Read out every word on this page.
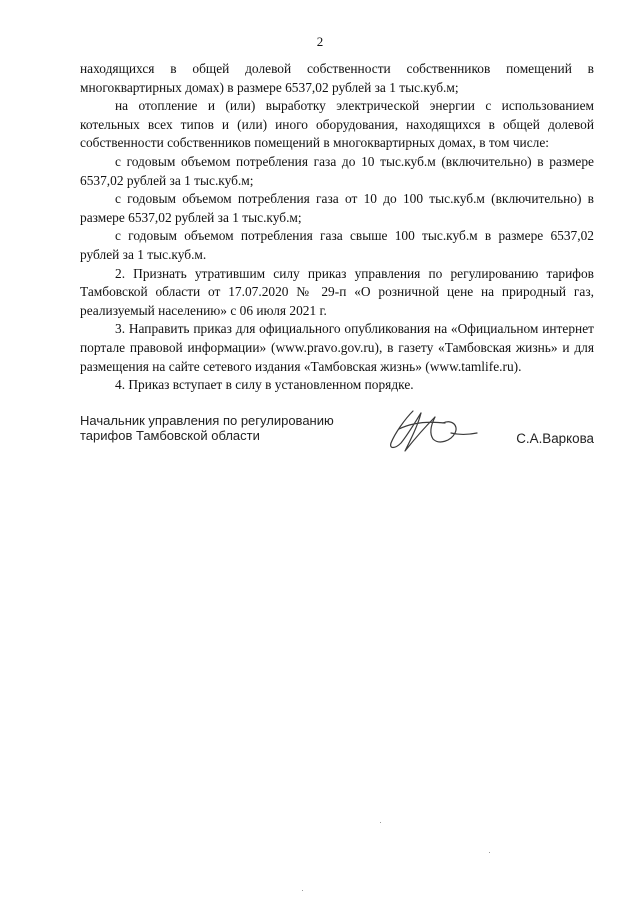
2

находящихся в общей долевой собственности собственников помещений в многоквартирных домах) в размере 6537,02 рублей за 1 тыс.куб.м;

на отопление и (или) выработку электрической энергии с использованием котельных всех типов и (или) иного оборудования, находящихся в общей долевой собственности собственников помещений в многоквартирных домах, в том числе:

с годовым объемом потребления газа до 10 тыс.куб.м (включительно) в размере 6537,02 рублей за 1 тыс.куб.м;

с годовым объемом потребления газа от 10 до 100 тыс.куб.м (включительно) в размере 6537,02 рублей за 1 тыс.куб.м;

с годовым объемом потребления газа свыше 100 тыс.куб.м в размере 6537,02 рублей за 1 тыс.куб.м.

2. Признать утратившим силу приказ управления по регулированию тарифов Тамбовской области от 17.07.2020 № 29-п «О розничной цене на природный газ, реализуемый населению» с 06 июля 2021 г.

3. Направить приказ для официального опубликования на «Официальном интернет портале правовой информации» (www.pravo.gov.ru), в газету «Тамбовская жизнь» и для размещения на сайте сетевого издания «Тамбовская жизнь» (www.tamlife.ru).

4. Приказ вступает в силу в установленном порядке.

Начальник управления по регулированию
тарифов Тамбовской области	С.А.Варкова
